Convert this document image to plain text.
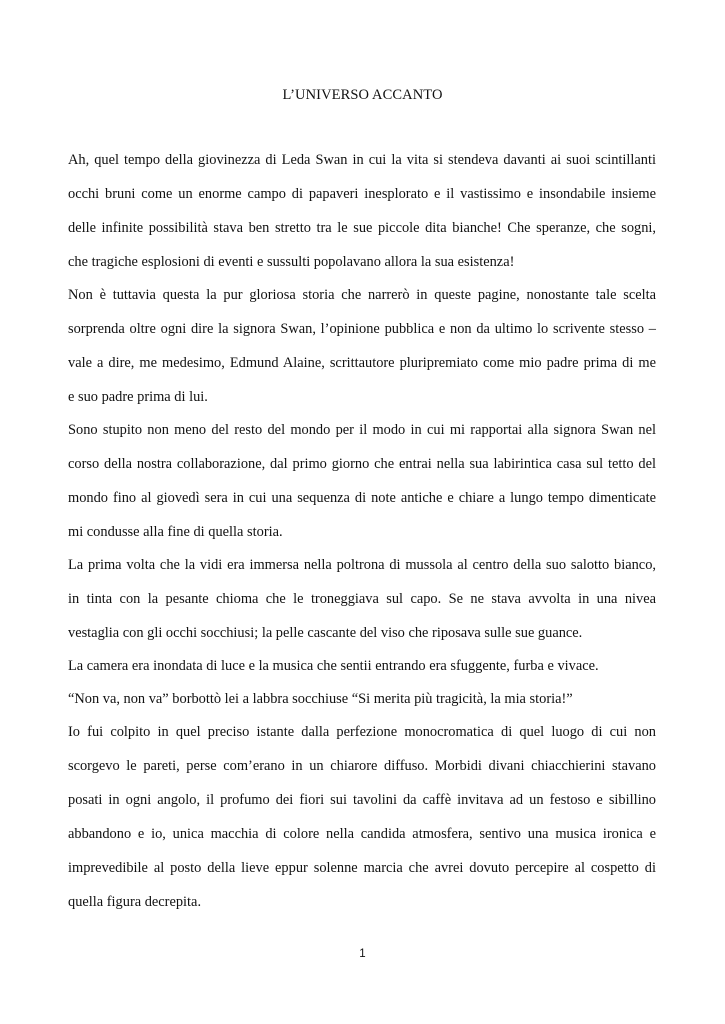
L’UNIVERSO ACCANTO
Ah, quel tempo della giovinezza di Leda Swan in cui la vita si stendeva davanti ai suoi scintillanti
occhi bruni come un enorme campo di papaveri inesplorato e il vastissimo e insondabile insieme
delle infinite possibilità stava ben stretto tra le sue piccole dita bianche! Che speranze, che sogni,
che tragiche esplosioni di eventi e sussulti popolavano allora la sua esistenza!
Non è tuttavia questa la pur gloriosa storia che narrerò in queste pagine, nonostante tale scelta
sorprenda oltre ogni dire la signora Swan, l’opinione pubblica e non da ultimo lo scrivente stesso –
vale a dire, me medesimo, Edmund Alaine, scrittautore pluripremiato come mio padre prima di me
e suo padre prima di lui.
Sono stupito non meno del resto del mondo per il modo in cui mi rapportai alla signora Swan nel
corso della nostra collaborazione, dal primo giorno che entrai nella sua labirintica casa sul tetto del
mondo fino al giovedì sera in cui una sequenza di note antiche e chiare a lungo tempo dimenticate
mi condusse alla fine di quella storia.
La prima volta che la vidi era immersa nella poltrona di mussola al centro della suo salotto bianco,
in tinta con la pesante chioma che le troneggiava sul capo. Se ne stava avvolta in una nivea
vestaglia con gli occhi socchiusi; la pelle cascante del viso che riposava sulle sue guance.
La camera era inondata di luce e la musica che sentii entrando era sfuggente, furba e vivace.
“Non va, non va” borbottò lei a labbra socchiuse “Si merita più tragicità, la mia storia!”
Io fui colpito in quel preciso istante dalla perfezione monocromatica di quel luogo di cui non
scorgevo le pareti, perse com’erano in un chiarore diffuso. Morbidi divani chiacchierini stavano
posati in ogni angolo, il profumo dei fiori sui tavolini da caffè invitava ad un festoso e sibillino
abbandono e io, unica macchia di colore nella candida atmosfera, sentivo una musica ironica e
imprevedibile al posto della lieve eppur solenne marcia che avrei dovuto percepire al cospetto di
quella figura decrepita.
1
